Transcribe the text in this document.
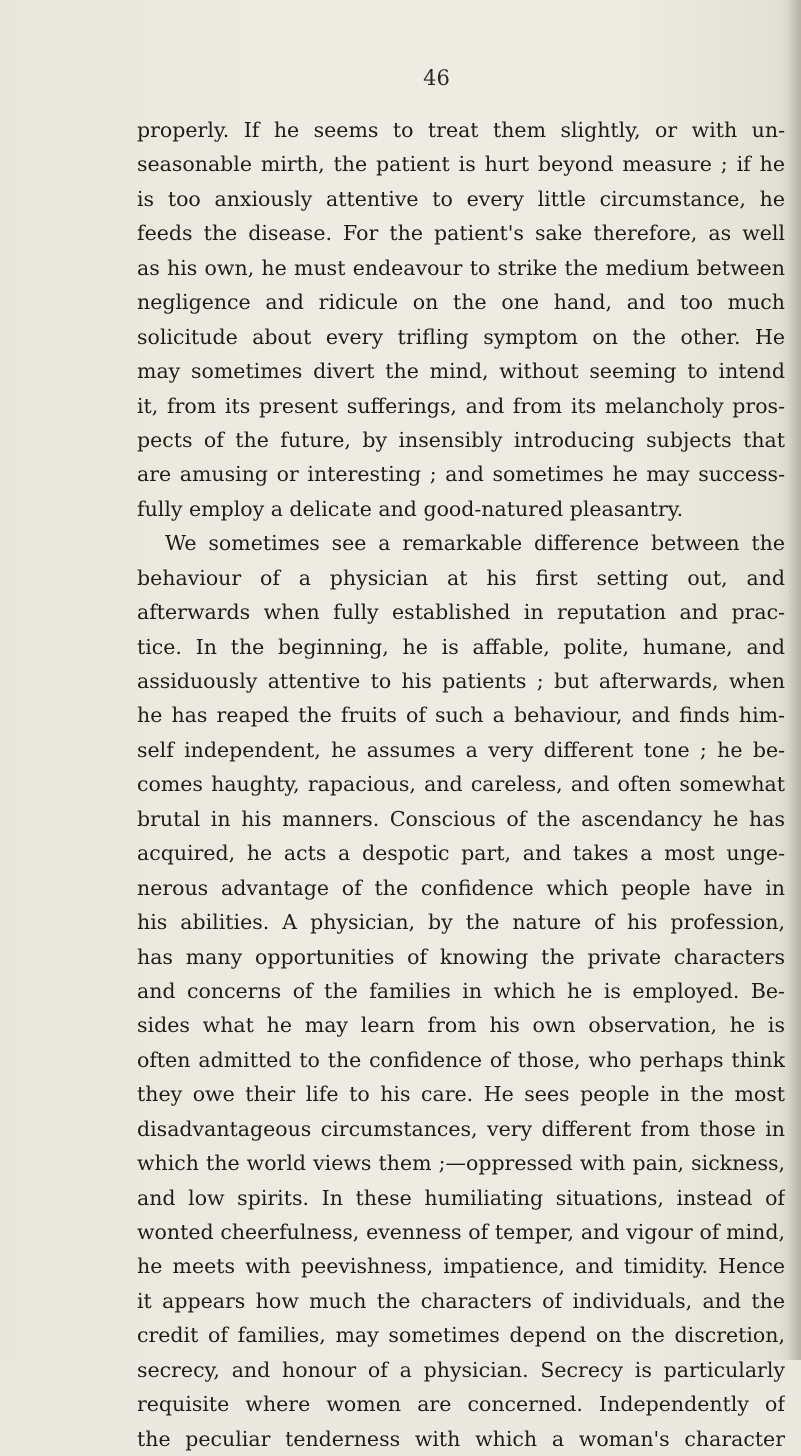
46
properly. If he seems to treat them slightly, or with un-
seasonable mirth, the patient is hurt beyond measure ; if he
is too anxiously attentive to every little circumstance, he
feeds the disease. For the patient's sake therefore, as well
as his own, he must endeavour to strike the medium between
negligence and ridicule on the one hand, and too much
solicitude about every trifling symptom on the other. He
may sometimes divert the mind, without seeming to intend
it, from its present sufferings, and from its melancholy pros-
pects of the future, by insensibly introducing subjects that
are amusing or interesting ; and sometimes he may success-
fully employ a delicate and good-natured pleasantry.
We sometimes see a remarkable difference between the
behaviour of a physician at his first setting out, and
afterwards when fully established in reputation and prac-
tice. In the beginning, he is affable, polite, humane, and
assiduously attentive to his patients ; but afterwards, when
he has reaped the fruits of such a behaviour, and finds him-
self independent, he assumes a very different tone ; he be-
comes haughty, rapacious, and careless, and often somewhat
brutal in his manners. Conscious of the ascendancy he has
acquired, he acts a despotic part, and takes a most unge-
nerous advantage of the confidence which people have in
his abilities. A physician, by the nature of his profession,
has many opportunities of knowing the private characters
and concerns of the families in which he is employed. Be-
sides what he may learn from his own observation, he is
often admitted to the confidence of those, who perhaps think
they owe their life to his care. He sees people in the most
disadvantageous circumstances, very different from those in
which the world views them ;—oppressed with pain, sickness,
and low spirits. In these humiliating situations, instead of
wonted cheerfulness, evenness of temper, and vigour of mind,
he meets with peevishness, impatience, and timidity. Hence
it appears how much the characters of individuals, and the
credit of families, may sometimes depend on the discretion,
secrecy, and honour of a physician. Secrecy is particularly
requisite where women are concerned. Independently of
the peculiar tenderness with which a woman's character
